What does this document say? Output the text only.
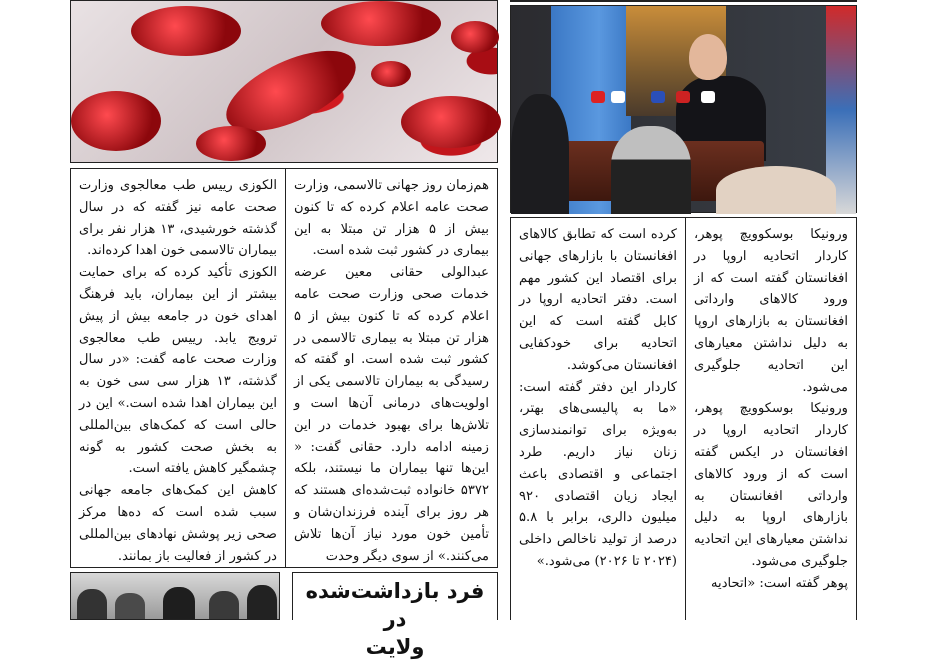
الکوزی رییس طب معالجوی وزارت صحت عامه نیز گفته که در سال گذشته خورشیدی، ۱۳ هزار نفر برای بیماران تالاسمی خون اهدا کرده‌اند.

الکوزی تأکید کرده که برای حمایت بیشتر از این بیماران، باید فرهنگ اهدای خون در جامعه بیش از پیش ترویج یابد. رییس طب معالجوی وزارت صحت عامه گفت: «در سال گذشته، ۱۳ هزار سی سی خون به این بیماران اهدا شده است.» این در حالی است که کمک‌های بین‌المللی به بخش صحت کشور به گونه چشمگیر کاهش یافته است.

کاهش این کمک‌های جامعه جهانی سبب شده است که ده‌ها مرکز صحی زیر پوشش نهادهای بین‌المللی در کشور از فعالیت باز بمانند.

هم‌زمان روز جهانی تالاسمی، وزارت صحت عامه اعلام کرده که تا کنون بیش از ۵ هزار تن مبتلا به این بیماری در کشور ثبت شده است.

عبدالولی حقانی معین عرضه خدمات صحی وزارت صحت عامه اعلام کرده که تا کنون بیش از ۵ هزار تن مبتلا به بیماری تالاسمی در کشور ثبت شده است. او گفته که رسیدگی به بیماران تالاسمی یکی از اولویت‌های درمانی آن‌ها است و تلاش‌ها برای بهبود خدمات در این زمینه ادامه دارد. حقانی گفت: « این‌ها تنها بیماران ما نیستند، بلکه ۵۳۷۲ خانواده ثبت‌شده‌ای هستند که هر روز برای آینده فرزندان‌شان و تأمین خون مورد نیاز آن‌ها تلاش می‌کنند.» از سوی دیگر وحدت

کرده است که تطابق کالاهای افغانستان با بازارهای جهانی برای اقتصاد این کشور مهم است. دفتر اتحادیه اروپا در کابل گفته است که این اتحادیه برای خودکفایی افغانستان می‌کوشد.

کاردار این دفتر گفته است: «ما به پالیسی‌های بهتر، به‌ویژه برای توانمندسازی زنان نیاز داریم. طرد اجتماعی و اقتصادی باعث ایجاد زیان اقتصادی ۹۲۰ میلیون دالری، برابر با ۵.۸ درصد از تولید ناخالص داخلی (۲۰۲۴ تا ۲۰۲۶) می‌شود.»

ورونیکا بوسکوویچ پوهر، کاردار اتحادیه اروپا در افغانستان گفته است که از ورود کالاهای وارداتی افغانستان به بازارهای اروپا به دلیل نداشتن معیارهای این اتحادیه جلوگیری می‌شود.

ورونیکا بوسکوویچ پوهر، کاردار اتحادیه اروپا در افغانستان در ایکس گفته است که از ورود کالاهای وارداتی افغانستان به بازارهای اروپا به دلیل نداشتن معیارهای این اتحادیه جلوگیری می‌شود.

پوهر گفته است: «اتحادیه

فرد بازداشت‌شده در
ولایت
